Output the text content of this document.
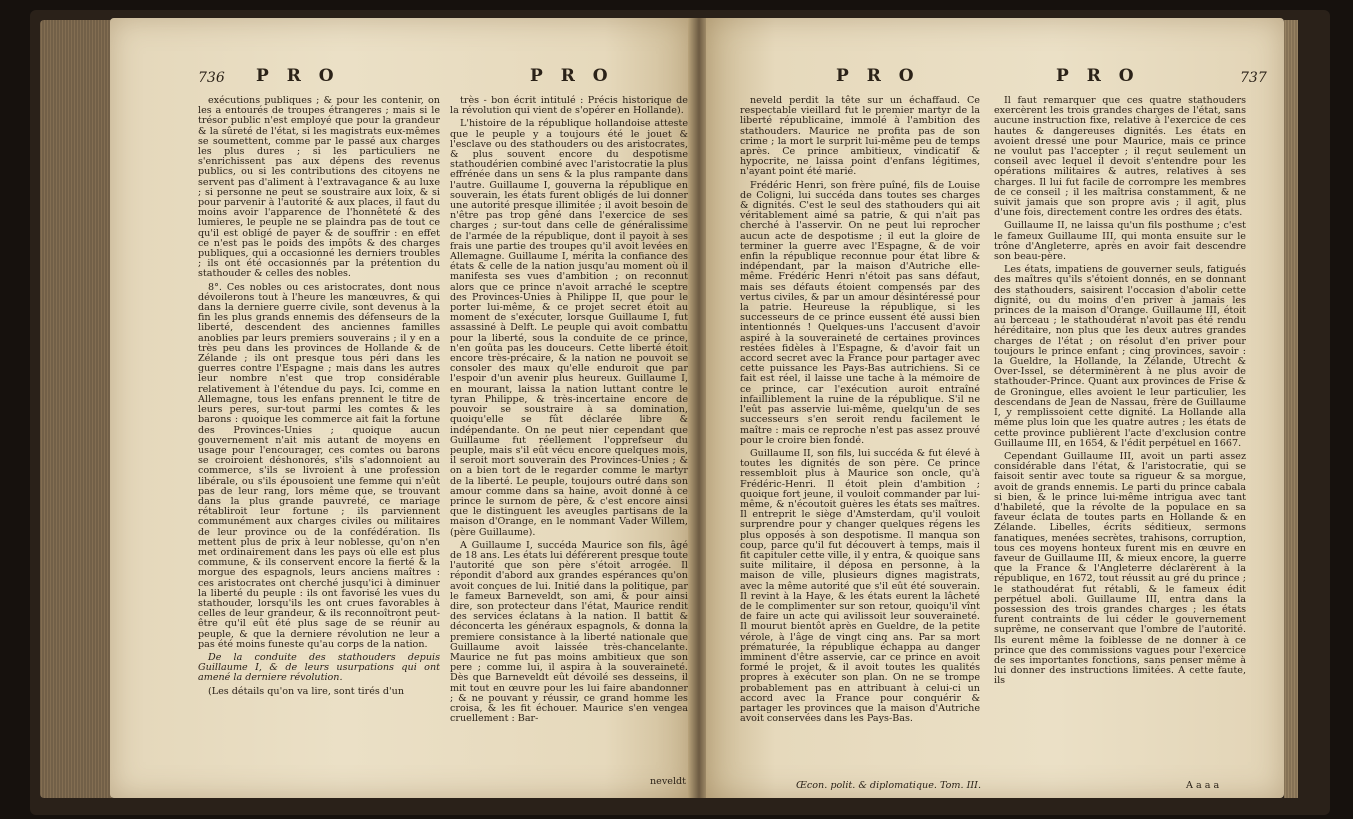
736 P R O	P R O

exécutions publiques ; & pour les contenir, on les a entourés de troupes étrangeres ; mais si le trésor public n'est employé que pour la grandeur & la sûreté de l'état, si les magistrats eux-mêmes se soumettent, comme par le passé aux charges les plus dures ; si les particuliers ne s'enrichissent pas aux dépens des revenus publics, ou si les contributions des citoyens ne servent pas d'aliment à l'extravagance & au luxe ; si personne ne peut se soustraire aux loix, & si pour parvenir à l'autorité & aux places, il faut du moins avoir l'apparence de l'honnêteté & des lumieres, le peuple ne se plaindra pas de tout ce qu'il est obligé de payer & de souffrir : en effet ce n'est pas le poids des impôts & des charges publiques, qui a occasionné les derniers troubles ; ils ont été occasionnés par la prétention du stathouder & celles des nobles.

8°. Ces nobles ou ces aristocrates, dont nous dévoilerons tout à l'heure les manœuvres, & qui dans la derniere guerre civile, sont devenus à la fin les plus grands ennemis des défenseurs de la liberté, descendent des anciennes familles anoblies par leurs premiers souverains ; il y en a très peu dans les provinces de Hollande & de Zélande ; ils ont presque tous péri dans les guerres contre l'Espagne ; mais dans les autres leur nombre n'est que trop considérable relativement à l'étendue du pays. Ici, comme en Allemagne, tous les enfans prennent le titre de leurs peres, sur-tout parmi les comtes & les barons : quoique les commerce ait fait la fortune des Provinces-Unies ; quoique aucun gouvernement n'ait mis autant de moyens en usage pour l'encourager, ces comtes ou barons se croiroient déshonorés, s'ils s'adonnoient au commerce, s'ils se livroient à une profession libérale, ou s'ils épousoient une femme qui n'eût pas de leur rang, lors même que, se trouvant dans la plus grande pauvreté, ce mariage rétabliroit leur fortune ; ils parviennent communément aux charges civiles ou militaires de leur province ou de la confédération. Ils mettent plus de prix à leur noblesse, qu'on n'en met ordinairement dans les pays où elle est plus commune, & ils conservent encore la fierté & la morgue des espagnols, leurs anciens maîtres : ces aristocrates ont cherché jusqu'ici à diminuer la liberté du peuple : ils ont favorisé les vues du stathouder, lorsqu'ils les ont crues favorables à celles de leur grandeur, & ils reconnoîtront peut-être qu'il eût été plus sage de se réunir au peuple, & que la derniere révolution ne leur a pas été moins funeste qu'au corps de la nation.

De la conduite des stathouders depuis Guillaume I, & de leurs usurpations qui ont amené la derniere révolution.

(Les détails qu'on va lire, sont tirés d'un

très - bon écrit intitulé : Précis historique de la révolution qui vient de s'opérer en Hollande).

L'histoire de la république hollandoise atteste que le peuple y a toujours été le jouet & l'esclave ou des stathouders ou des aristocrates, & plus souvent encore du despotisme stathoudérien combiné avec l'aristocratie la plus effrénée dans un sens & la plus rampante dans l'autre. Guillaume I, gouverna la république en souverain, les états furent obligés de lui donner une autorité presque illimitée ; il avoit besoin de n'être pas trop gêné dans l'exercice de ses charges ; sur-tout dans celle de généralissime de l'armée de la république, dont il payoit à ses frais une partie des troupes qu'il avoit levées en Allemagne. Guillaume I, mérita la confiance des états & celle de la nation jusqu'au moment où il manifesta ses vues d'ambition ; on reconnut alors que ce prince n'avoit arraché le sceptre des Provinces-Unies à Philippe II, que pour le porter lui-même, & ce projet secret étoit au moment de s'exécuter, lorsque Guillaume I, fut assassiné à Delft. Le peuple qui avoit combattu pour la liberté, sous la conduite de ce prince, n'en goûta pas les douceurs. Cette liberté étoit encore très-précaire, & la nation ne pouvoit se consoler des maux qu'elle enduroit que par l'espoir d'un avenir plus heureux. Guillaume I, en mourant, laissa la nation luttant contre le tyran Philippe, & très-incertaine encore de pouvoir se soustraire à sa domination, quoiqu'elle se fût déclarée libre & indépendante. On ne peut nier cependant que Guillaume fut réellement l'opprefseur du peuple, mais s'il eût vécu encore quelques mois, il seroit mort souverain des Provinces-Unies ; & on a bien tort de le regarder comme le martyr de la liberté. Le peuple, toujours outré dans son amour comme dans sa haine, avoit donné à ce prince le surnom de père, & c'est encore ainsi que le distinguent les aveugles partisans de la maison d'Orange, en le nommant Vader Willem, (père Guillaume).

A Guillaume I, succéda Maurice son fils, âgé de 18 ans. Les états lui déférerent presque toute l'autorité que son père s'étoit arrogée. Il répondit d'abord aux grandes espérances qu'on avoit conçues de lui. Initié dans la politique, par le fameux Barneveldt, son ami, & pour ainsi dire, son protecteur dans l'état, Maurice rendit des services éclatans à la nation. Il battit & déconcerta les généraux espagnols, & donna la premiere consistance à la liberté nationale que Guillaume avoit laissée très-chancelante. Maurice ne fut pas moins ambitieux que son pere ; comme lui, il aspira à la souveraineté. Dès que Barneveldt eût dévoilé ses desseins, il mit tout en œuvre pour les lui faire abandonner ; & ne pouvant y réussir, ce grand homme les croisa, & les fit échouer. Maurice s'en vengea cruellement : Bar-

neveldt
P R O	P R O	737

neveld perdit la tête sur un échaffaud. Ce respectable vieillard fut le premier martyr de la liberté républicaine, immolé à l'ambition des stathouders. Maurice ne profita pas de son crime ; la mort le surprit lui-même peu de temps après. Ce prince ambitieux, vindicatif & hypocrite, ne laissa point d'enfans légitimes, n'ayant point été marié.

Frédéric Henri, son frère puîné, fils de Louise de Coligni, lui succéda dans toutes ses charges & dignités. C'est le seul des stathouders qui ait véritablement aimé sa patrie, & qui n'ait pas cherché à l'asservir. On ne peut lui reprocher aucun acte de despotisme ; il eut la gloire de terminer la guerre avec l'Espagne, & de voir enfin la république reconnue pour état libre & indépendant, par la maison d'Autriche elle-même. Frédéric Henri n'étoit pas sans défaut, mais ses défauts étoient compensés par des vertus civiles, & par un amour désintéressé pour la patrie. Heureuse la république, si les successeurs de ce prince eussent été aussi bien intentionnés ! Quelques-uns l'accusent d'avoir aspiré à la souveraineté de certaines provinces restées fidèles à l'Espagne, & d'avoir fait un accord secret avec la France pour partager avec cette puissance les Pays-Bas autrichiens. Si ce fait est réel, il laisse une tache à la mémoire de ce prince, car l'exécution auroit entraîné infailliblement la ruine de la république. S'il ne l'eût pas asservie lui-même, quelqu'un de ses successeurs s'en seroit rendu facilement le maître : mais ce reproche n'est pas assez prouvé pour le croire bien fondé.

Guillaume II, son fils, lui succéda & fut élevé à toutes les dignités de son père. Ce prince ressembloit plus à Maurice son oncle, qu'à Frédéric-Henri. Il étoit plein d'ambition ; quoique fort jeune, il vouloit commander par lui-même, & n'écoutoit guères les états ses maîtres. Il entreprit le siège d'Amsterdam, qu'il vouloit surprendre pour y changer quelques régens les plus opposés à son despotisme. Il manqua son coup, parce qu'il fut découvert à temps, mais il fit capituler cette ville, il y entra, & quoique sans suite militaire, il déposa en personne, à la maison de ville, plusieurs dignes magistrats, avec la même autorité que s'il eût été souverain. Il revint à la Haye, & les états eurent la lâcheté de le complimenter sur son retour, quoiqu'il vînt de faire un acte qui avilissoit leur souveraineté. Il mourut bientôt après en Gueldre, de la petite vérole, à l'âge de vingt cinq ans. Par sa mort prématurée, la république échappa au danger imminent d'être asservie, car ce prince en avoit formé le projet, & il avoit toutes les qualités propres à exécuter son plan. On ne se trompe probablement pas en attribuant à celui-ci un accord avec la France pour conquérir & partager les provinces que la maison d'Autriche avoit conservées dans les Pays-Bas.

Il faut remarquer que ces quatre stathouders exercèrent les trois grandes charges de l'état, sans aucune instruction fixe, relative à l'exercice de ces hautes & dangereuses dignités. Les états en avoient dressé une pour Maurice, mais ce prince ne voulut pas l'accepter ; il reçut seulement un conseil avec lequel il devoit s'entendre pour les opérations militaires & autres, relatives à ses charges. Il lui fut facile de corrompre les membres de ce conseil ; il les maîtrisa constamment, & ne suivit jamais que son propre avis ; il agit, plus d'une fois, directement contre les ordres des états.

Guillaume II, ne laissa qu'un fils posthume ; c'est le fameux Guillaume III, qui monta ensuite sur le trône d'Angleterre, après en avoir fait descendre son beau-père.

Les états, impatiens de gouverner seuls, fatigués des maîtres qu'ils s'étoient donnés, en se donnant des stathouders, saisirent l'occasion d'abolir cette dignité, ou du moins d'en priver à jamais les princes de la maison d'Orange. Guillaume III, étoit au berceau ; le stathoudérat n'avoit pas été rendu héréditaire, non plus que les deux autres grandes charges de l'état ; on résolut d'en priver pour toujours le prince enfant ; cinq provinces, savoir : la Gueldre, la Hollande, la Zélande, Utrecht & Over-Issel, se déterminèrent à ne plus avoir de stathouder-Prince. Quant aux provinces de Frise & de Groningue, elles avoient le leur particulier, les descendans de Jean de Nassau, frère de Guillaume I, y remplissoient cette dignité. La Hollande alla même plus loin que les quatre autres ; les états de cette province publièrent l'acte d'exclusion contre Guillaume III, en 1654, & l'édit perpétuel en 1667.

Cependant Guillaume III, avoit un parti assez considérable dans l'état, & l'aristocratie, qui se faisoit sentir avec toute sa rigueur & sa morgue, avoit de grands ennemis. Le parti du prince cabala si bien, & le prince lui-même intrigua avec tant d'habileté, que la révolte de la populace en sa faveur éclata de toutes parts en Hollande & en Zélande. Libelles, écrits séditieux, sermons fanatiques, menées secrètes, trahisons, corruption, tous ces moyens honteux furent mis en œuvre en faveur de Guillaume III, & mieux encore, la guerre que la France & l'Angleterre déclarèrent à la république, en 1672, tout réussit au gré du prince ; le stathoudérat fut rétabli, & le fameux édit perpétuel aboli. Guillaume III, entra dans la possession des trois grandes charges ; les états furent contraints de lui céder le gouvernement suprême, ne conservant que l'ombre de l'autorité. Ils eurent même la foiblesse de ne donner à ce prince que des commissions vagues pour l'exercice de ses importantes fonctions, sans penser même à lui donner des instructions limitées. A cette faute, ils

Œcon. polit. & diplomatique. Tom. III.	A a a a
